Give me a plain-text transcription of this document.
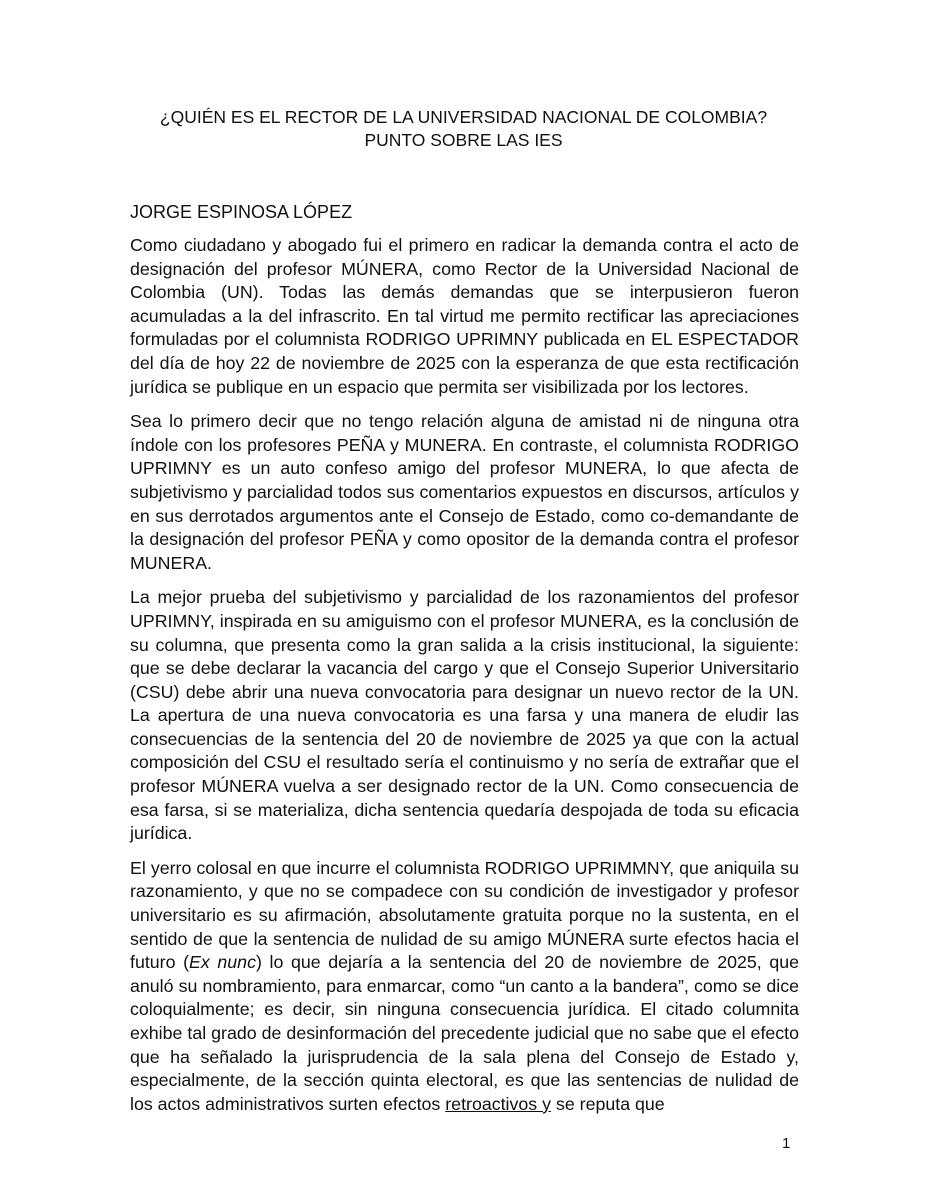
¿QUIÉN ES EL RECTOR DE LA UNIVERSIDAD NACIONAL DE COLOMBIA?
PUNTO SOBRE LAS IES
JORGE ESPINOSA LÓPEZ

Como ciudadano y abogado fui el primero en radicar la demanda contra el acto de designación del profesor MÚNERA, como Rector de la Universidad Nacional de Colombia (UN). Todas las demás demandas que se interpusieron fueron acumuladas a la del infrascrito. En tal virtud me permito rectificar las apreciaciones formuladas por el columnista RODRIGO UPRIMNY publicada en EL ESPECTADOR del día de hoy 22 de noviembre de 2025 con la esperanza de que esta rectificación jurídica se publique en un espacio que permita ser visibilizada por los lectores.

Sea lo primero decir que no tengo relación alguna de amistad ni de ninguna otra índole con los profesores PEÑA y MUNERA. En contraste, el columnista RODRIGO UPRIMNY es un auto confeso amigo del profesor MUNERA, lo que afecta de subjetivismo y parcialidad todos sus comentarios expuestos en discursos, artículos y en sus derrotados argumentos ante el Consejo de Estado, como co-demandante de la designación del profesor PEÑA y como opositor de la demanda contra el profesor MUNERA.

La mejor prueba del subjetivismo y parcialidad de los razonamientos del profesor UPRIMNY, inspirada en su amiguismo con el profesor MUNERA, es la conclusión de su columna, que presenta como la gran salida a la crisis institucional, la siguiente: que se debe declarar la vacancia del cargo y que el Consejo Superior Universitario (CSU) debe abrir una nueva convocatoria para designar un nuevo rector de la UN. La apertura de una nueva convocatoria es una farsa y una manera de eludir las consecuencias de la sentencia del 20 de noviembre de 2025 ya que con la actual composición del CSU el resultado sería el continuismo y no sería de extrañar que el profesor MÚNERA vuelva a ser designado rector de la UN. Como consecuencia de esa farsa, si se materializa, dicha sentencia quedaría despojada de toda su eficacia jurídica.

El yerro colosal en que incurre el columnista RODRIGO UPRIMMNY, que aniquila su razonamiento, y que no se compadece con su condición de investigador y profesor universitario es su afirmación, absolutamente gratuita porque no la sustenta, en el sentido de que la sentencia de nulidad de su amigo MÚNERA surte efectos hacia el futuro (Ex nunc) lo que dejaría a la sentencia del 20 de noviembre de 2025, que anuló su nombramiento, para enmarcar, como “un canto a la bandera”, como se dice coloquialmente; es decir, sin ninguna consecuencia jurídica. El citado columnita exhibe tal grado de desinformación del precedente judicial que no sabe que el efecto que ha señalado la jurisprudencia de la sala plena del Consejo de Estado y, especialmente, de la sección quinta electoral, es que las sentencias de nulidad de los actos administrativos surten efectos retroactivos y se reputa que

1
